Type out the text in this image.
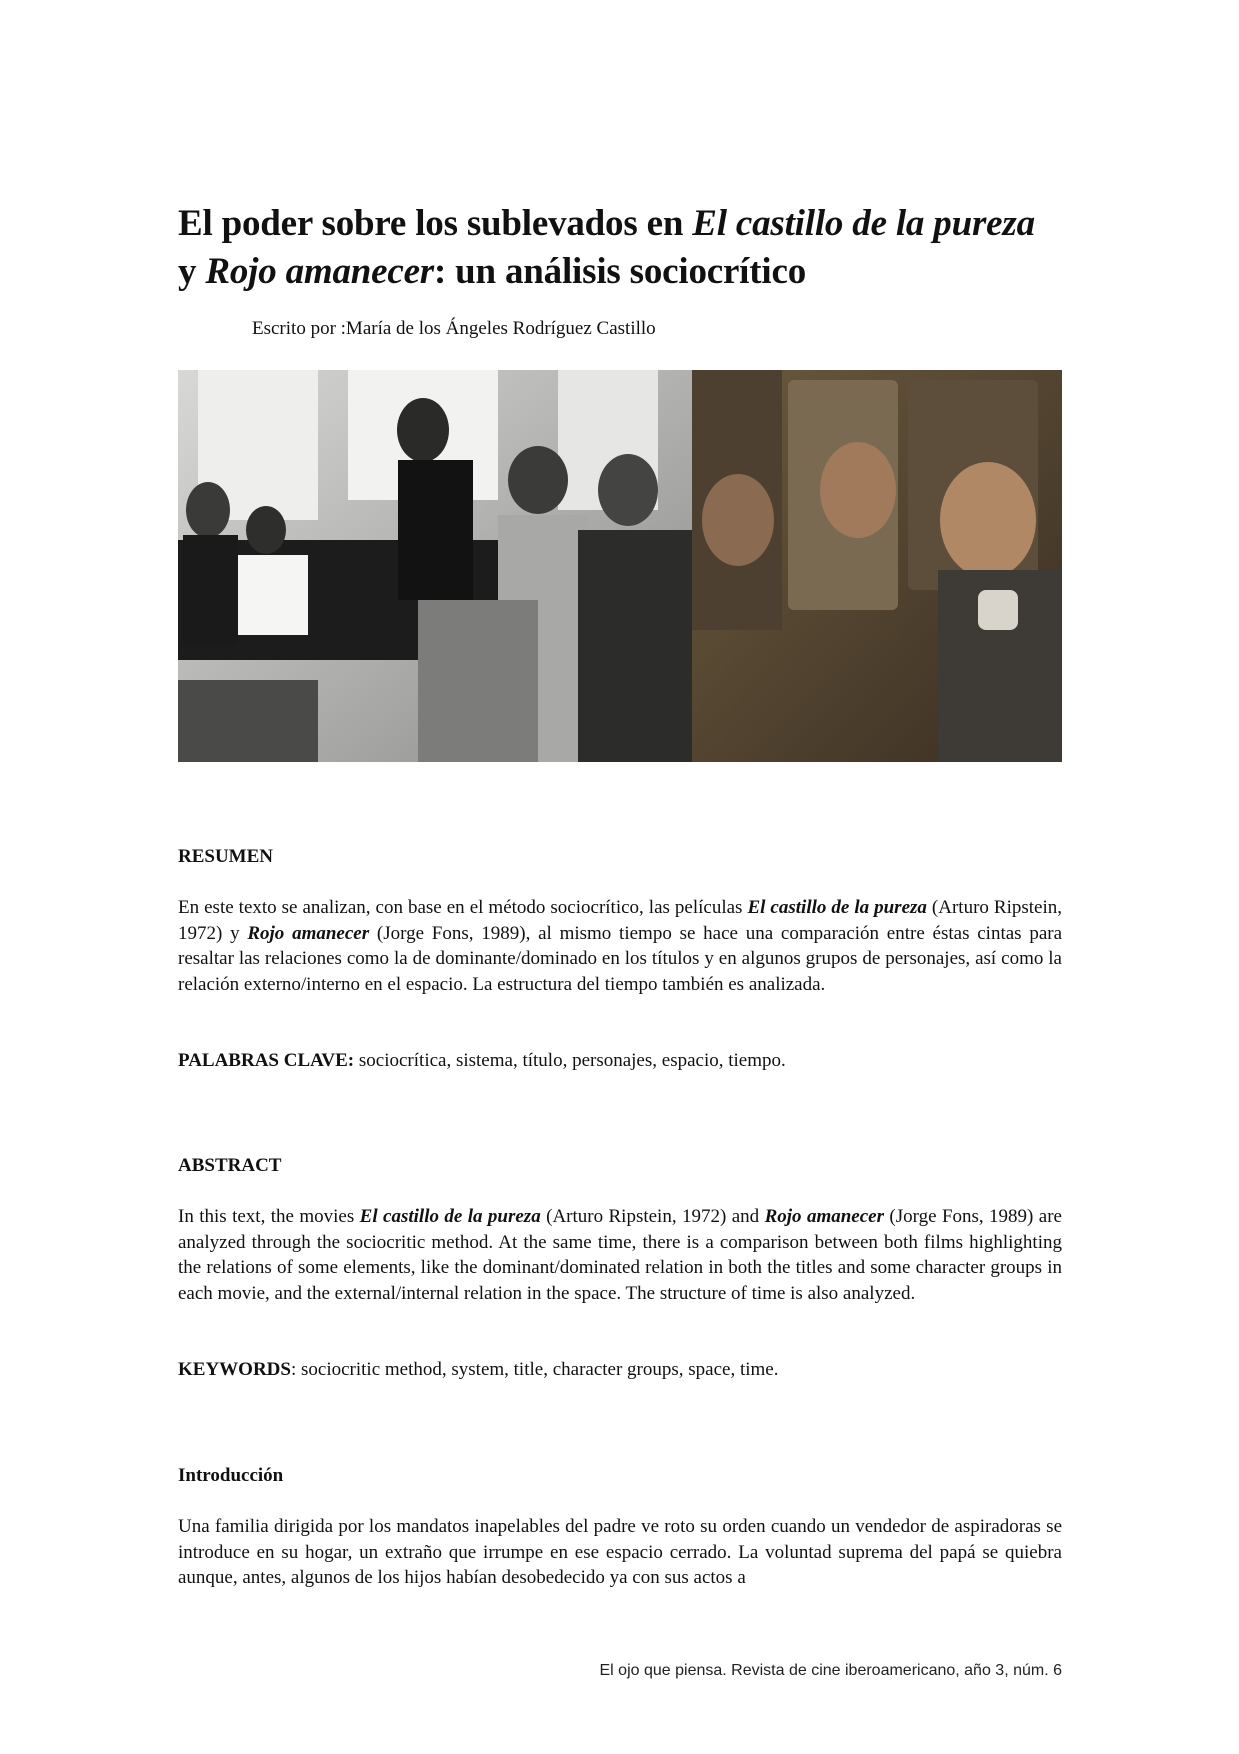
El poder sobre los sublevados en El castillo de la pureza
y Rojo amanecer: un análisis sociocrítico

Escrito por :María de los Ángeles Rodríguez Castillo

RESUMEN

En este texto se analizan, con base en el método sociocrítico, las películas El castillo de la pureza (Arturo Ripstein, 1972) y Rojo amanecer (Jorge Fons, 1989), al mismo tiempo se hace una comparación entre éstas cintas para resaltar las relaciones como la de dominante/dominado en los títulos y en algunos grupos de personajes, así como la relación externo/interno en el espacio. La estructura del tiempo también es analizada.

PALABRAS CLAVE: sociocrítica, sistema, título, personajes, espacio, tiempo.

ABSTRACT

In this text, the movies El castillo de la pureza (Arturo Ripstein, 1972) and Rojo amanecer (Jorge Fons, 1989) are analyzed through the sociocritic method. At the same time, there is a comparison between both films highlighting the relations of some elements, like the dominant/dominated relation in both the titles and some character groups in each movie, and the external/internal relation in the space. The structure of time is also analyzed.

KEYWORDS: sociocritic method, system, title, character groups, space, time.

Introducción

Una familia dirigida por los mandatos inapelables del padre ve roto su orden cuando un vendedor de aspiradoras se introduce en su hogar, un extraño que irrumpe en ese espacio cerrado. La voluntad suprema del papá se quiebra aunque, antes, algunos de los hijos habían desobedecido ya con sus actos a

El ojo que piensa. Revista de cine iberoamericano, año 3, núm. 6
